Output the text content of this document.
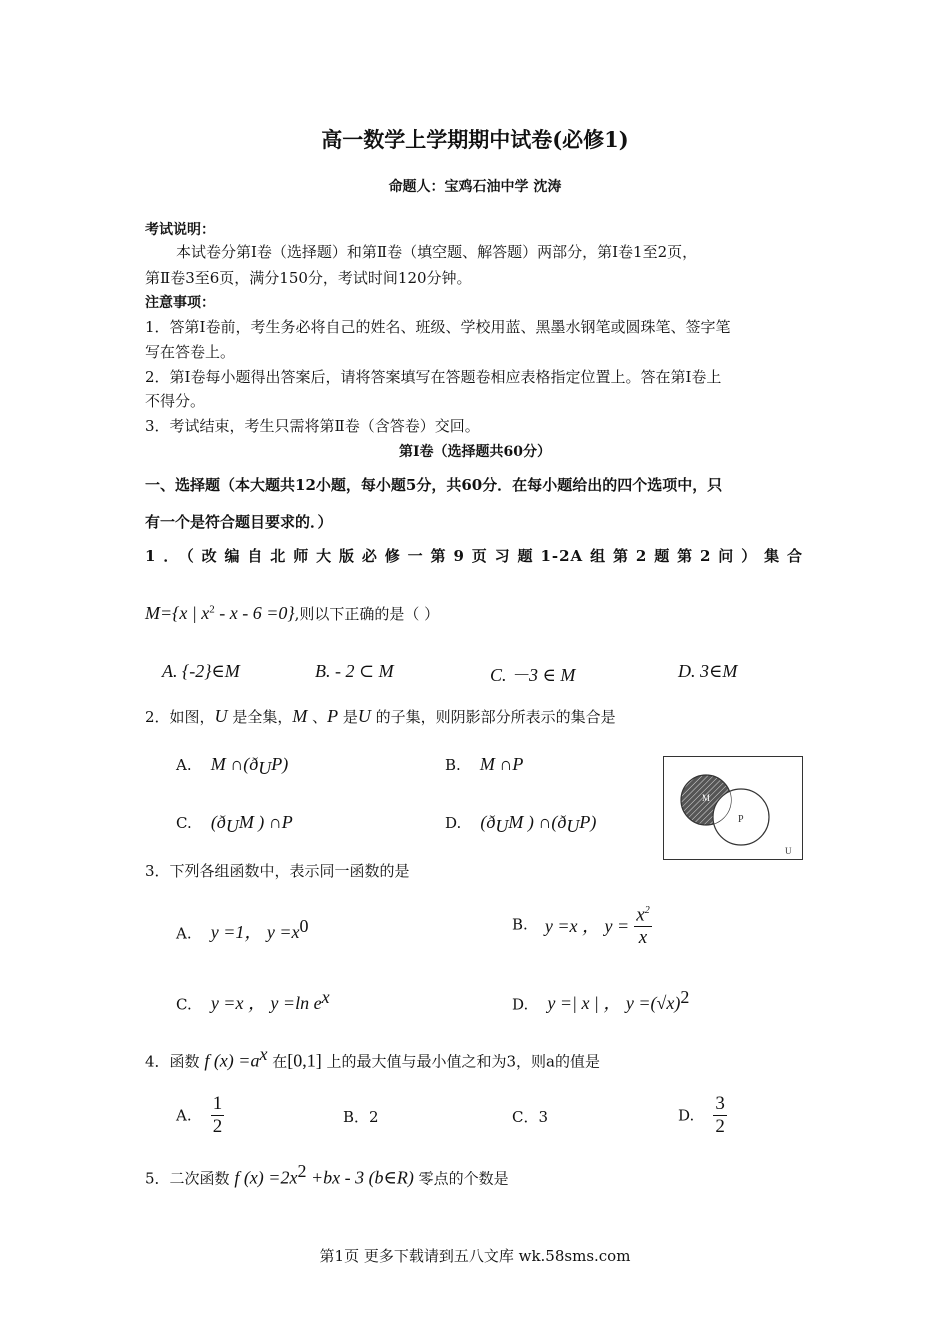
高一数学上学期期中试卷(必修1)
命题人：宝鸡石油中学 沈涛
考试说明：
本试卷分第Ⅰ卷（选择题）和第Ⅱ卷（填空题、解答题）两部分，第Ⅰ卷1至2页，
第Ⅱ卷3至6页，满分150分，考试时间120分钟。
注意事项：
1．答第Ⅰ卷前，考生务必将自己的姓名、班级、学校用蓝、黑墨水钢笔或圆珠笔、签字笔
写在答卷上。
2．第Ⅰ卷每小题得出答案后，请将答案填写在答题卷相应表格指定位置上。答在第Ⅰ卷上
不得分。
3．考试结束，考生只需将第Ⅱ卷（含答卷）交回。
第Ⅰ卷（选择题共60分）
一、选择题（本大题共12小题，每小题5分，共60分．在每小题给出的四个选项中，只
有一个是符合题目要求的．）
1．（改编自北师大版必修一第9页习题1-2A组第2题第2问）集合
M={x | $x^2 - x - 6 =0$},则以下正确的是（ ）
A. {-2}∈M	B. - 2 ⊂ M	C. －3 ∈ M	D. 3∈M
2．如图，U 是全集，M 、P 是U 的子集，则阴影部分所表示的集合是
A. M $\cap(ð_UP)$	B. M ∩P
C. ($ð_UM$ ) ∩P	D. ($ð_UM$ ) $\cap(ð_UP)$
M
P
U
3．下列各组函数中，表示同一函数的是
A. y =1， $y =x^0$	B. y =x ， $y = \frac{x^2}{x}$
C. y =x ， y =ln $e^x$	D. y =| x | ， $y =(√x)^2$
4．函数 f $(x) =a^x$ 在[0,1] 上的最大值与最小值之和为3，则a的值是
A. $\frac{1}{2}$	B．2	C．3	D. $\frac{3}{2}$
5．二次函数 f $(x) =2x^2 +bx - 3$ (b∈R) 零点的个数是
第1页 更多下载请到五八文库 wk.58sms.com
